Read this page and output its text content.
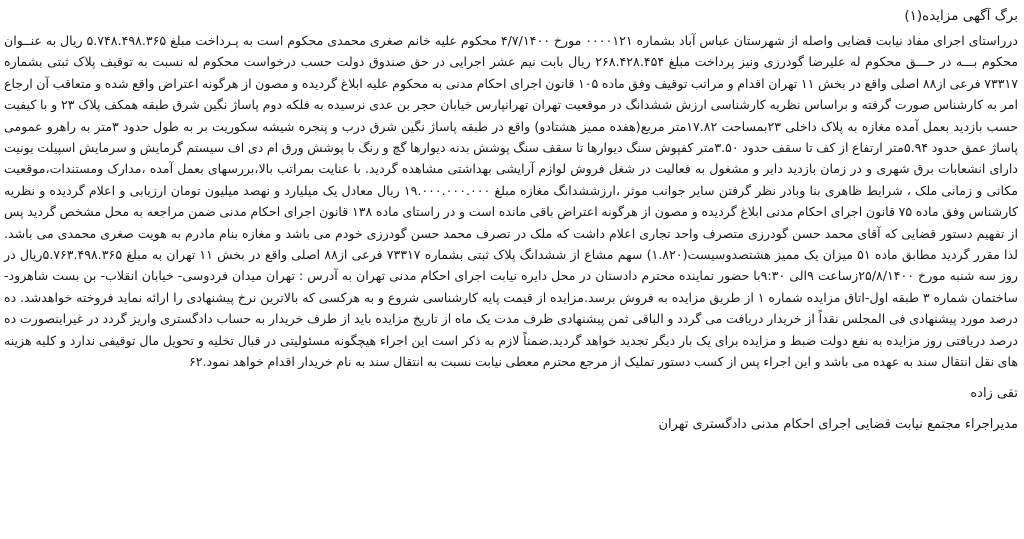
برگ آگهی مزایده(۱)

درراستای اجرای مفاد نیابت قضایی واصله از شهرستان عباس آباد بشماره ۰۰۰۰۱۲۱ مورخ ۴/۷/۱۴۰۰ محکوم علیه خانم صغری محمدی محکوم است به پـرداخت مبلغ ۵.۷۴۸.۴۹۸.۳۶۵ ریال به عنــوان محکوم بـــه در حـــق محکوم له علیرضا گودرزی ونیز پرداخت مبلغ ۲۶۸.۴۲۸.۴۵۴ ریال بابت نیم عشر اجرایی در حق صندوق دولت حسب درخواست محکوم له نسبت به توقیف پلاک ثبتی بشماره ۷۳۳۱۷ فرعی از۸۸ اصلی واقع در بخش ۱۱ تهران اقدام و مراتب توقیف وفق ماده ۱۰۵ قانون اجرای احکام مدنی به محکوم علیه ابلاغ گردیده و مصون از هرگونه اعتراض واقع شده و متعاقب آن ارجاع امر به کارشناس صورت گرفته و براساس نظریه کارشناسی ارزش ششدانگ در موقعیت تهران تهرانپارس خیابان حجر بن عدی نرسیده به فلکه دوم پاساژ نگین شرق طبقه همکف پلاک ۲۳ و با کیفیت حسب بازدید بعمل آمده مغازه به پلاک داخلی ۲۳بمساحت ۱۷.۸۲متر مربع(هفده ممیز هشتادو) واقع در طبقه پاساژ نگین شرق درب و پنجره شیشه سکوریت بر به طول حدود ۳متر به راهرو عمومی پاساژ عمق حدود ۵.۹۴متر ارتفاع از کف تا سقف حدود ۳.۵۰متر کفپوش سنگ دیوارها تا سقف سنگ پوشش بدنه دیوارها گچ و رنگ با پوشش ورق ام دی اف سیستم گرمایش و سرمایش اسپیلت یونیت دارای انشعابات برق شهری و در زمان بازدید دایر و مشغول به فعالیت در شغل فروش لوازم آرایشی بهداشتی مشاهده گردید. با عنایت بمراتب بالا،بررسهای بعمل آمده ،مدارک ومستندات،موقعیت مکانی و زمانی ملک ، شرایط ظاهری بنا وبادر نظر گرفتن سایر جوانب موثر ،ارزششدانگ مغازه مبلغ ۱۹.۰۰۰.۰۰۰.۰۰۰ ریال معادل یک میلیارد و نهصد میلیون تومان ارزیابی و اعلام گردیده و نظریه کارشناس وفق ماده ۷۵ قانون اجرای احکام مدنی ابلاغ گردیده و مصون از هرگونه اعتراض باقی مانده است و در راستای ماده ۱۳۸ قانون اجرای احکام مدنی ضمن مراجعه به محل مشخص گردید پس از تفهیم دستور قضایی که آقای محمد حسن گودرزی متصرف واحد تجاری اعلام داشت که ملک در تصرف محمد حسن گودرزی خودم می باشد و مغازه بنام مادرم به هویت صغری محمدی می باشد. لذا مقرر گردید مطابق ماده ۵۱ میزان یک ممیز هشتصدوسیست(۱.۸۲۰) سهم مشاع از ششدانگ پلاک ثبتی بشماره ۷۳۳۱۷ فرعی از۸۸ اصلی واقع در بخش ۱۱ تهران به مبلغ ۵.۷۶۳.۴۹۸.۳۶۵ریال در روز سه شنبه مورخ ۲۵/۸/۱۴۰۰زساعت ۹الی ۹:۳۰با حضور نماینده محترم دادستان در محل دایره نیابت اجرای احکام مدنی تهران به آدرس : تهران میدان فردوسی- خیابان انقلاب- بن بست شاهرود- ساختمان شماره ۳ طبقه اول-اتاق مزایده شماره ۱ از طریق مزایده به فروش برسد.مزایده از قیمت پایه کارشناسی شروع و به هرکسی که بالاترین نرخ پیشنهادی را ارائه نماید فروخته خواهدشد. ده درصد مورد پیشنهادی فی المجلس نقداً از خریدار دریافت می گردد و الباقی ثمن پیشنهادی ظرف مدت یک ماه از تاریخ مزایده باید از طرف خریدار به حساب دادگستری واریز گردد در غیراینصورت ده درصد دریافتی روز مزایده به نفع دولت ضبط و مزایده برای یک بار دیگر تجدید خواهد گردید.ضمناً لازم به ذکر است این اجراء هیچگونه مسئولیتی در قبال تخلیه و تحویل مال توقیفی ندارد و کلیه هزینه های نقل انتقال سند به عهده می باشد و این اجراء پس از کسب دستور تملیک از مرجع محترم معطی نیابت نسبت به انتقال سند به نام خریدار اقدام خواهد نمود.۶۲

تقی زاده
مدیراجراء مجتمع نیابت قضایی اجرای احکام مدنی دادگستری تهران
